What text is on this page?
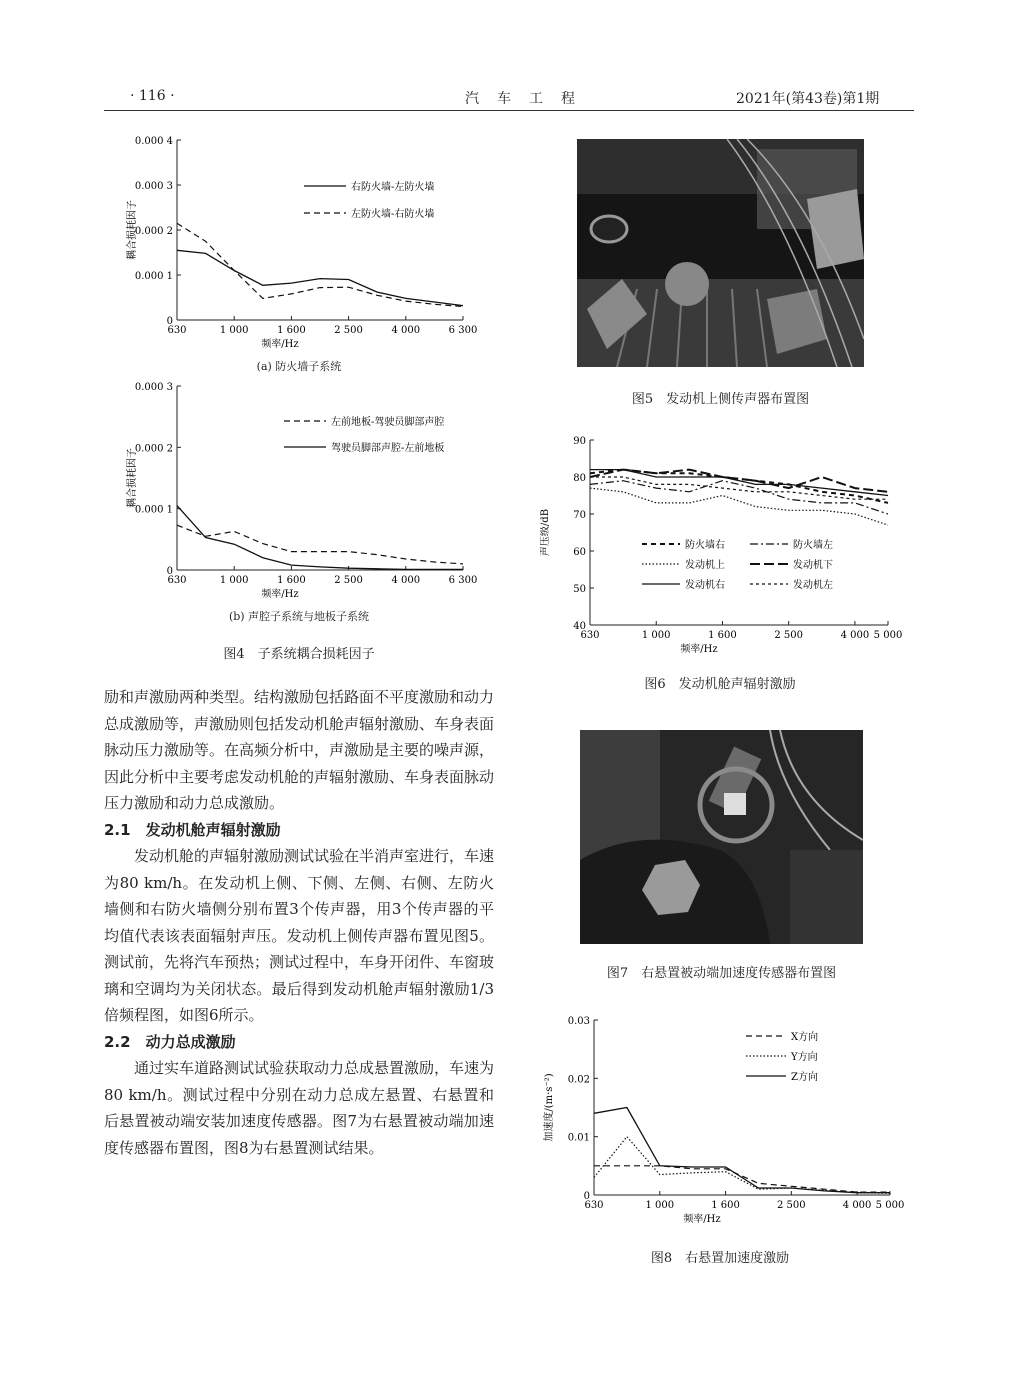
· 116 ·	汽　车　工　程	2021年(第43卷)第1期
0
0.000 1
0.000 2
0.000 3
0.000 4
630	1 000	1 600	2 500	4 000	6 300
频率/Hz
耦合损耗因子
右防火墙-左防火墙
左防火墙-右防火墙
(a) 防火墙子系统
0
0.000 1
0.000 2
0.000 3
630	1 000	1 600	2 500	4 000	6 300
频率/Hz
耦合损耗因子
左前地板-驾驶员脚部声腔
驾驶员脚部声腔-左前地板
(b) 声腔子系统与地板子系统
图4　子系统耦合损耗因子
图5　发动机上侧传声器布置图
40
50
60
70
80
90
630	1 000	1 600	2 500	4 000 5 000
频率/Hz
声压级/dB	防火墙右	防火墙左
发动机上	发动机下
发动机右	发动机左
图6　发动机舱声辐射激励
图7　右悬置被动端加速度传感器布置图
0
0.01
0.02
0.03
630	1 000	1 600	2 500	4 000 5 000
频率/Hz
加速度/(m·s⁻²)
X方向
Y方向
Z方向
图8　右悬置加速度激励

励和声激励两种类型。结构激励包括路面不平度激励和动力总成激励等，声激励则包括发动机舱声辐射激励、车身表面脉动压力激励等。在高频分析中，声激励是主要的噪声源，因此分析中主要考虑发动机舱的声辐射激励、车身表面脉动压力激励和动力总成激励。

2.1　发动机舱声辐射激励

发动机舱的声辐射激励测试试验在半消声室进行，车速为80 km/h。在发动机上侧、下侧、左侧、右侧、左防火墙侧和右防火墙侧分别布置3个传声器，用3个传声器的平均值代表该表面辐射声压。发动机上侧传声器布置见图5。测试前，先将汽车预热；测试过程中，车身开闭件、车窗玻璃和空调均为关闭状态。最后得到发动机舱声辐射激励1/3倍频程图，如图6所示。

2.2　动力总成激励

通过实车道路测试试验获取动力总成悬置激励，车速为80 km/h。测试过程中分别在动力总成左悬置、右悬置和后悬置被动端安装加速度传感器。图7为右悬置被动端加速度传感器布置图，图8为右悬置测试结果。
